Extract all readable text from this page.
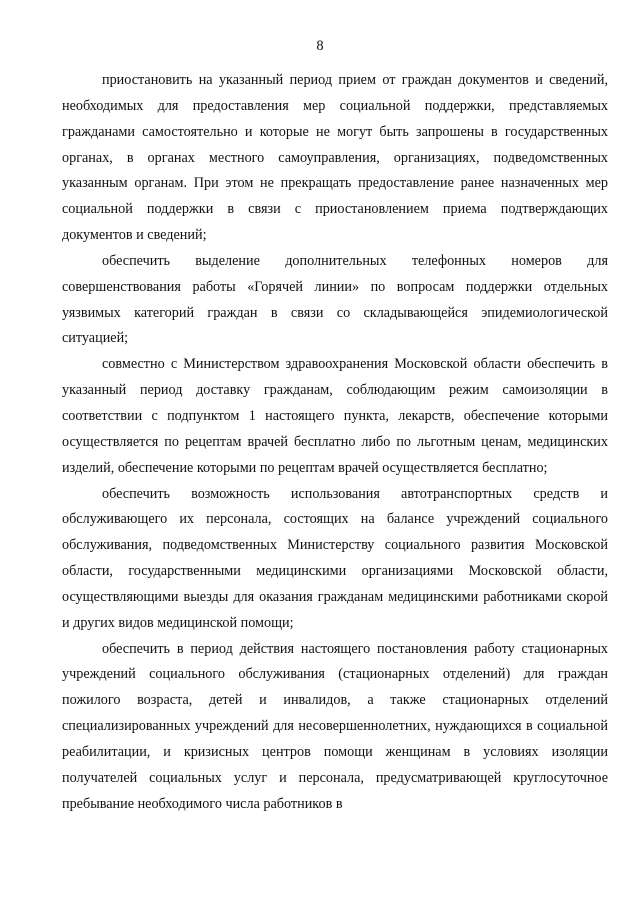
8

приостановить на указанный период прием от граждан документов и сведений, необходимых для предоставления мер социальной поддержки, представляемых гражданами самостоятельно и которые не могут быть запрошены в государственных органах, в органах местного самоуправления, организациях, подведомственных указанным органам. При этом не прекращать предоставление ранее назначенных мер социальной поддержки в связи с приостановлением приема подтверждающих документов и сведений;

обеспечить выделение дополнительных телефонных номеров для совершенствования работы «Горячей линии» по вопросам поддержки отдельных уязвимых категорий граждан в связи со складывающейся эпидемиологической ситуацией;

совместно с Министерством здравоохранения Московской области обеспечить в указанный период доставку гражданам, соблюдающим режим самоизоляции в соответствии с подпунктом 1 настоящего пункта, лекарств, обеспечение которыми осуществляется по рецептам врачей бесплатно либо по льготным ценам, медицинских изделий, обеспечение которыми по рецептам врачей осуществляется бесплатно;

обеспечить возможность использования автотранспортных средств и обслуживающего их персонала, состоящих на балансе учреждений социального обслуживания, подведомственных Министерству социального развития Московской области, государственными медицинскими организациями Московской области, осуществляющими выезды для оказания гражданам медицинскими работниками скорой и других видов медицинской помощи;

обеспечить в период действия настоящего постановления работу стационарных учреждений социального обслуживания (стационарных отделений) для граждан пожилого возраста, детей и инвалидов, а также стационарных отделений специализированных учреждений для несовершеннолетних, нуждающихся в социальной реабилитации, и кризисных центров помощи женщинам в условиях изоляции получателей социальных услуг и персонала, предусматривающей круглосуточное пребывание необходимого числа работников в
